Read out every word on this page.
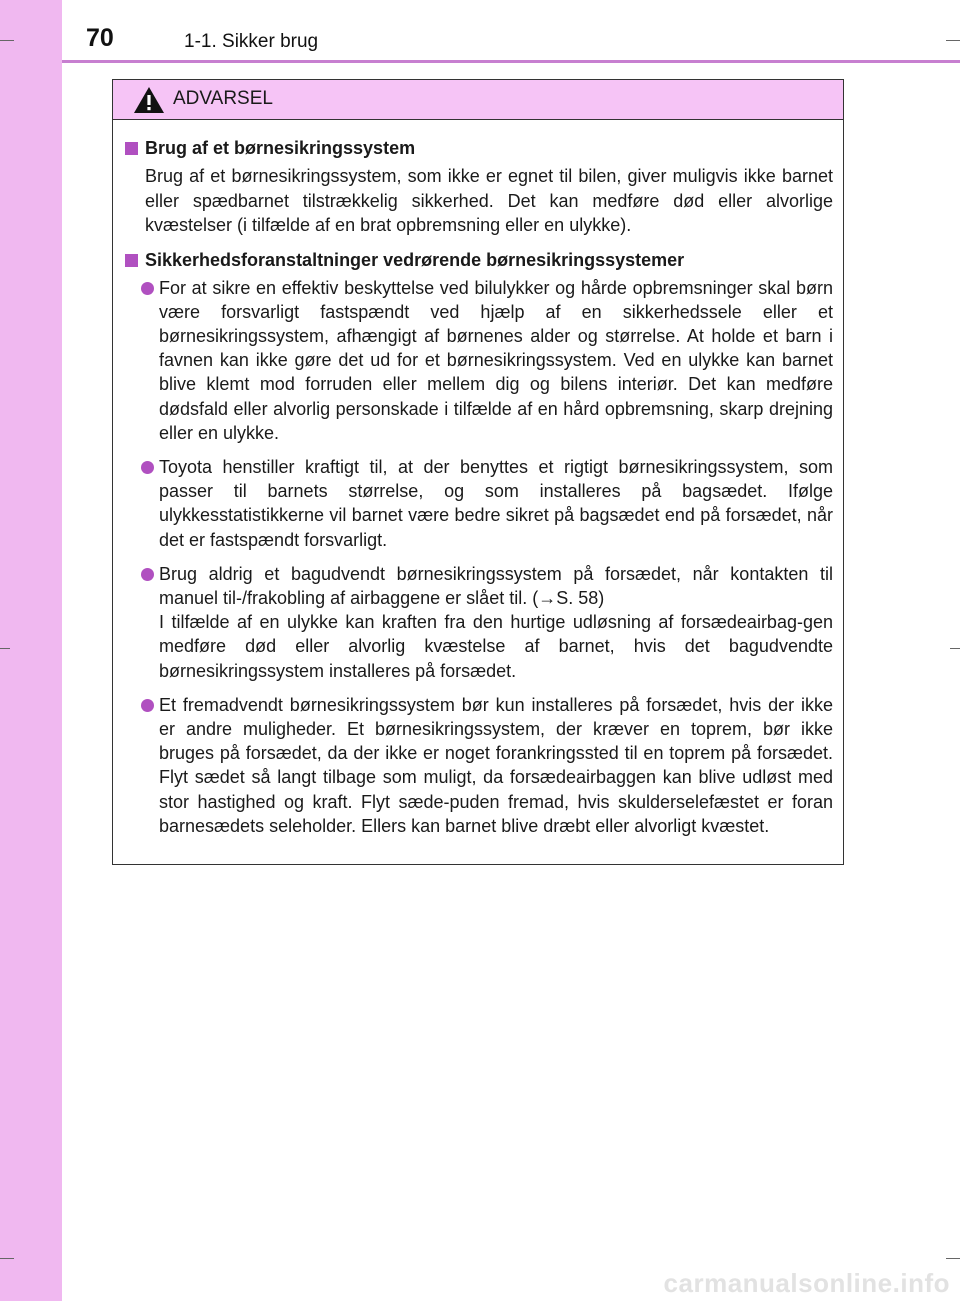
70	1-1. Sikker brug
ADVARSEL
Brug af et børnesikringssystem

Brug af et børnesikringssystem, som ikke er egnet til bilen, giver muligvis ikke barnet eller spædbarnet tilstrækkelig sikkerhed. Det kan medføre død eller alvorlige kvæstelser (i tilfælde af en brat opbremsning eller en ulykke).

Sikkerhedsforanstaltninger vedrørende børnesikringssystemer

For at sikre en effektiv beskyttelse ved bilulykker og hårde opbremsninger skal børn være forsvarligt fastspændt ved hjælp af en sikkerhedssele eller et børnesikringssystem, afhængigt af børnenes alder og størrelse. At holde et barn i favnen kan ikke gøre det ud for et børnesikringssystem. Ved en ulykke kan barnet blive klemt mod forruden eller mellem dig og bilens interiør. Det kan medføre dødsfald eller alvorlig personskade i tilfælde af en hård opbremsning, skarp drejning eller en ulykke.

Toyota henstiller kraftigt til, at der benyttes et rigtigt børnesikringssystem, som passer til barnets størrelse, og som installeres på bagsædet. Ifølge ulykkesstatistikkerne vil barnet være bedre sikret på bagsædet end på forsædet, når det er fastspændt forsvarligt.

Brug aldrig et bagudvendt børnesikringssystem på forsædet, når kontakten til manuel til-/frakobling af airbaggene er slået til. (→S. 58)

I tilfælde af en ulykke kan kraften fra den hurtige udløsning af forsædeairbag-gen medføre død eller alvorlig kvæstelse af barnet, hvis det bagudvendte børnesikringssystem installeres på forsædet.

Et fremadvendt børnesikringssystem bør kun installeres på forsædet, hvis der ikke er andre muligheder. Et børnesikringssystem, der kræver en toprem, bør ikke bruges på forsædet, da der ikke er noget forankringssted til en toprem på forsædet. Flyt sædet så langt tilbage som muligt, da forsædeairbaggen kan blive udløst med stor hastighed og kraft. Flyt sæde-puden fremad, hvis skulderselefæstet er foran barnesædets seleholder. Ellers kan barnet blive dræbt eller alvorligt kvæstet.

carmanualsonline.info
